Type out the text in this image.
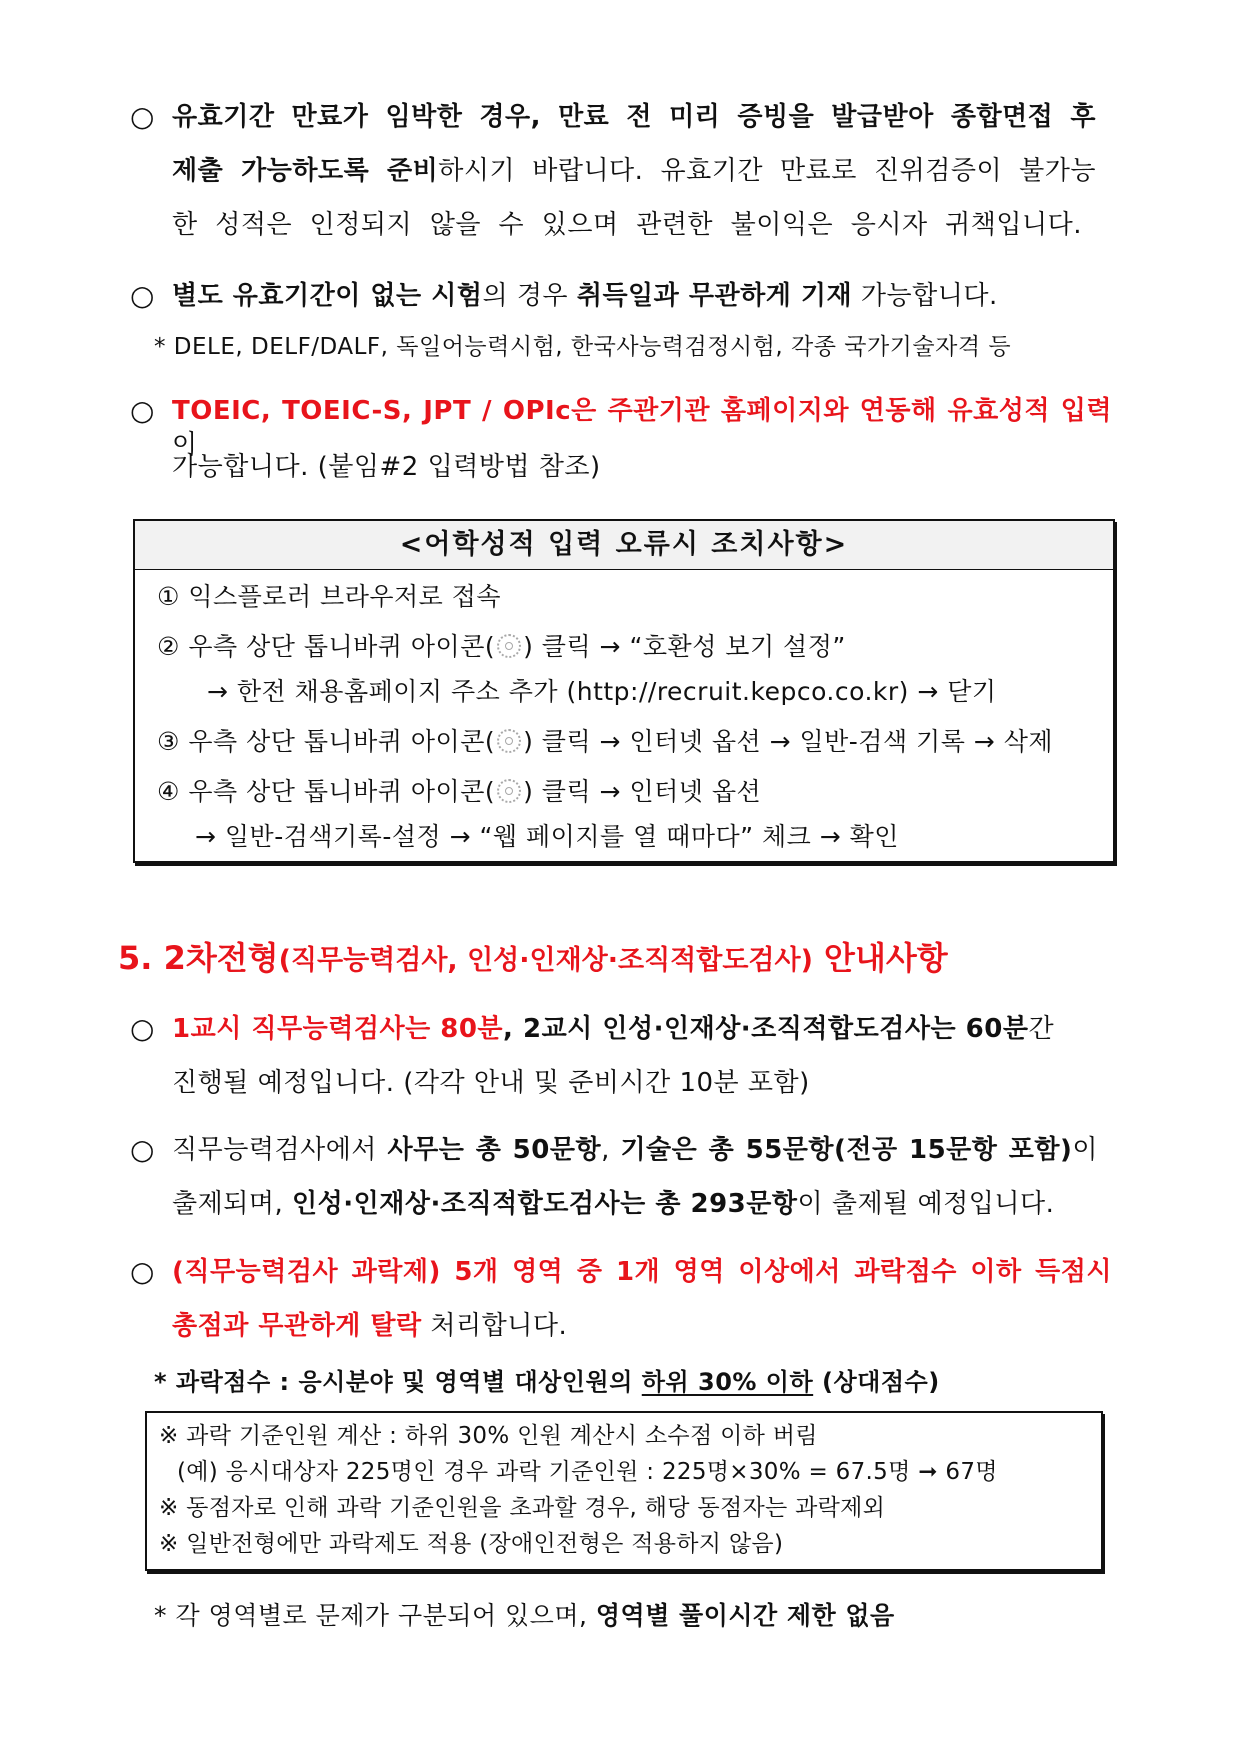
○ 유효기간 만료가 임박한 경우, 만료 전 미리 증빙을 발급받아 종합면접 후
제출 가능하도록 준비하시기 바랍니다. 유효기간 만료로 진위검증이 불가능
한 성적은 인정되지 않을 수 있으며 관련한 불이익은 응시자 귀책입니다.
○ 별도 유효기간이 없는 시험의 경우 취득일과 무관하게 기재 가능합니다.
* DELE, DELF/DALF, 독일어능력시험, 한국사능력검정시험, 각종 국가기술자격 등
○ TOEIC, TOEIC-S, JPT / OPIc은 주관기관 홈페이지와 연동해 유효성적 입력이
가능합니다. (붙임#2 입력방법 참조)
<어학성적 입력 오류시 조치사항>
① 익스플로러 브라우저로 접속
② 우측 상단 톱니바퀴 아이콘( ) 클릭 → “호환성 보기 설정”
→ 한전 채용홈페이지 주소 추가 (http://recruit.kepco.co.kr) → 닫기
③ 우측 상단 톱니바퀴 아이콘( ) 클릭 → 인터넷 옵션 → 일반-검색 기록 → 삭제
④ 우측 상단 톱니바퀴 아이콘( ) 클릭 → 인터넷 옵션
→ 일반-검색기록-설정 → “웹 페이지를 열 때마다” 체크 → 확인
5. 2차전형(직무능력검사, 인성·인재상·조직적합도검사) 안내사항
○ 1교시 직무능력검사는 80분, 2교시 인성·인재상·조직적합도검사는 60분간
진행될 예정입니다. (각각 안내 및 준비시간 10분 포함)
○ 직무능력검사에서 사무는 총 50문항, 기술은 총 55문항(전공 15문항 포함)이
출제되며, 인성·인재상·조직적합도검사는 총 293문항이 출제될 예정입니다.
○ (직무능력검사 과락제) 5개 영역 중 1개 영역 이상에서 과락점수 이하 득점시
총점과 무관하게 탈락 처리합니다.
* 과락점수 : 응시분야 및 영역별 대상인원의 하위 30% 이하 (상대점수)
※ 과락 기준인원 계산 : 하위 30% 인원 계산시 소수점 이하 버림
(예) 응시대상자 225명인 경우 과락 기준인원 : 225명×30% = 67.5명 ➞ 67명
※ 동점자로 인해 과락 기준인원을 초과할 경우, 해당 동점자는 과락제외
※ 일반전형에만 과락제도 적용 (장애인전형은 적용하지 않음)
* 각 영역별로 문제가 구분되어 있으며, 영역별 풀이시간 제한 없음
